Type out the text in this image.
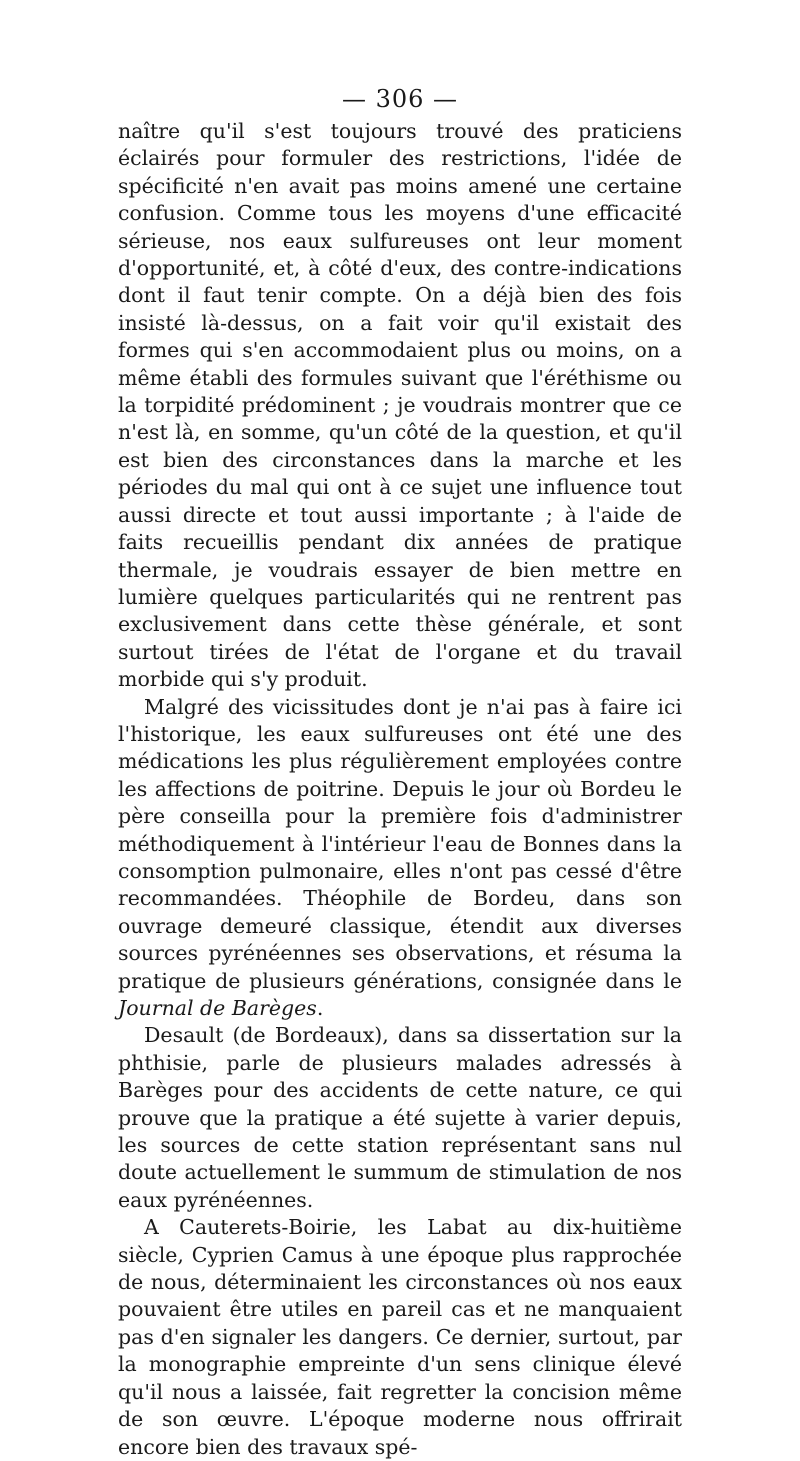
— 306 —

naître qu'il s'est toujours trouvé des praticiens éclairés pour formuler des restrictions, l'idée de spécificité n'en avait pas moins amené une certaine confusion. Comme tous les moyens d'une efficacité sérieuse, nos eaux sulfureuses ont leur moment d'opportunité, et, à côté d'eux, des contre-indications dont il faut tenir compte. On a déjà bien des fois insisté là-dessus, on a fait voir qu'il existait des formes qui s'en accommodaient plus ou moins, on a même établi des formules suivant que l'éréthisme ou la torpidité prédominent ; je voudrais montrer que ce n'est là, en somme, qu'un côté de la question, et qu'il est bien des circonstances dans la marche et les périodes du mal qui ont à ce sujet une influence tout aussi directe et tout aussi importante ; à l'aide de faits recueillis pendant dix années de pratique thermale, je voudrais essayer de bien mettre en lumière quelques particularités qui ne rentrent pas exclusivement dans cette thèse générale, et sont surtout tirées de l'état de l'organe et du travail morbide qui s'y produit.

Malgré des vicissitudes dont je n'ai pas à faire ici l'historique, les eaux sulfureuses ont été une des médications les plus régulièrement employées contre les affections de poitrine. Depuis le jour où Bordeu le père conseilla pour la première fois d'administrer méthodiquement à l'intérieur l'eau de Bonnes dans la consomption pulmonaire, elles n'ont pas cessé d'être recommandées. Théophile de Bordeu, dans son ouvrage demeuré classique, étendit aux diverses sources pyrénéennes ses observations, et résuma la pratique de plusieurs générations, consignée dans le Journal de Barèges.

Desault (de Bordeaux), dans sa dissertation sur la phthisie, parle de plusieurs malades adressés à Barèges pour des accidents de cette nature, ce qui prouve que la pratique a été sujette à varier depuis, les sources de cette station représentant sans nul doute actuellement le summum de stimulation de nos eaux pyrénéennes.

A Cauterets-Boirie, les Labat au dix-huitième siècle, Cyprien Camus à une époque plus rapprochée de nous, déterminaient les circonstances où nos eaux pouvaient être utiles en pareil cas et ne manquaient pas d'en signaler les dangers. Ce dernier, surtout, par la monographie empreinte d'un sens clinique élevé qu'il nous a laissée, fait regretter la concision même de son œuvre. L'époque moderne nous offrirait encore bien des travaux spé-
